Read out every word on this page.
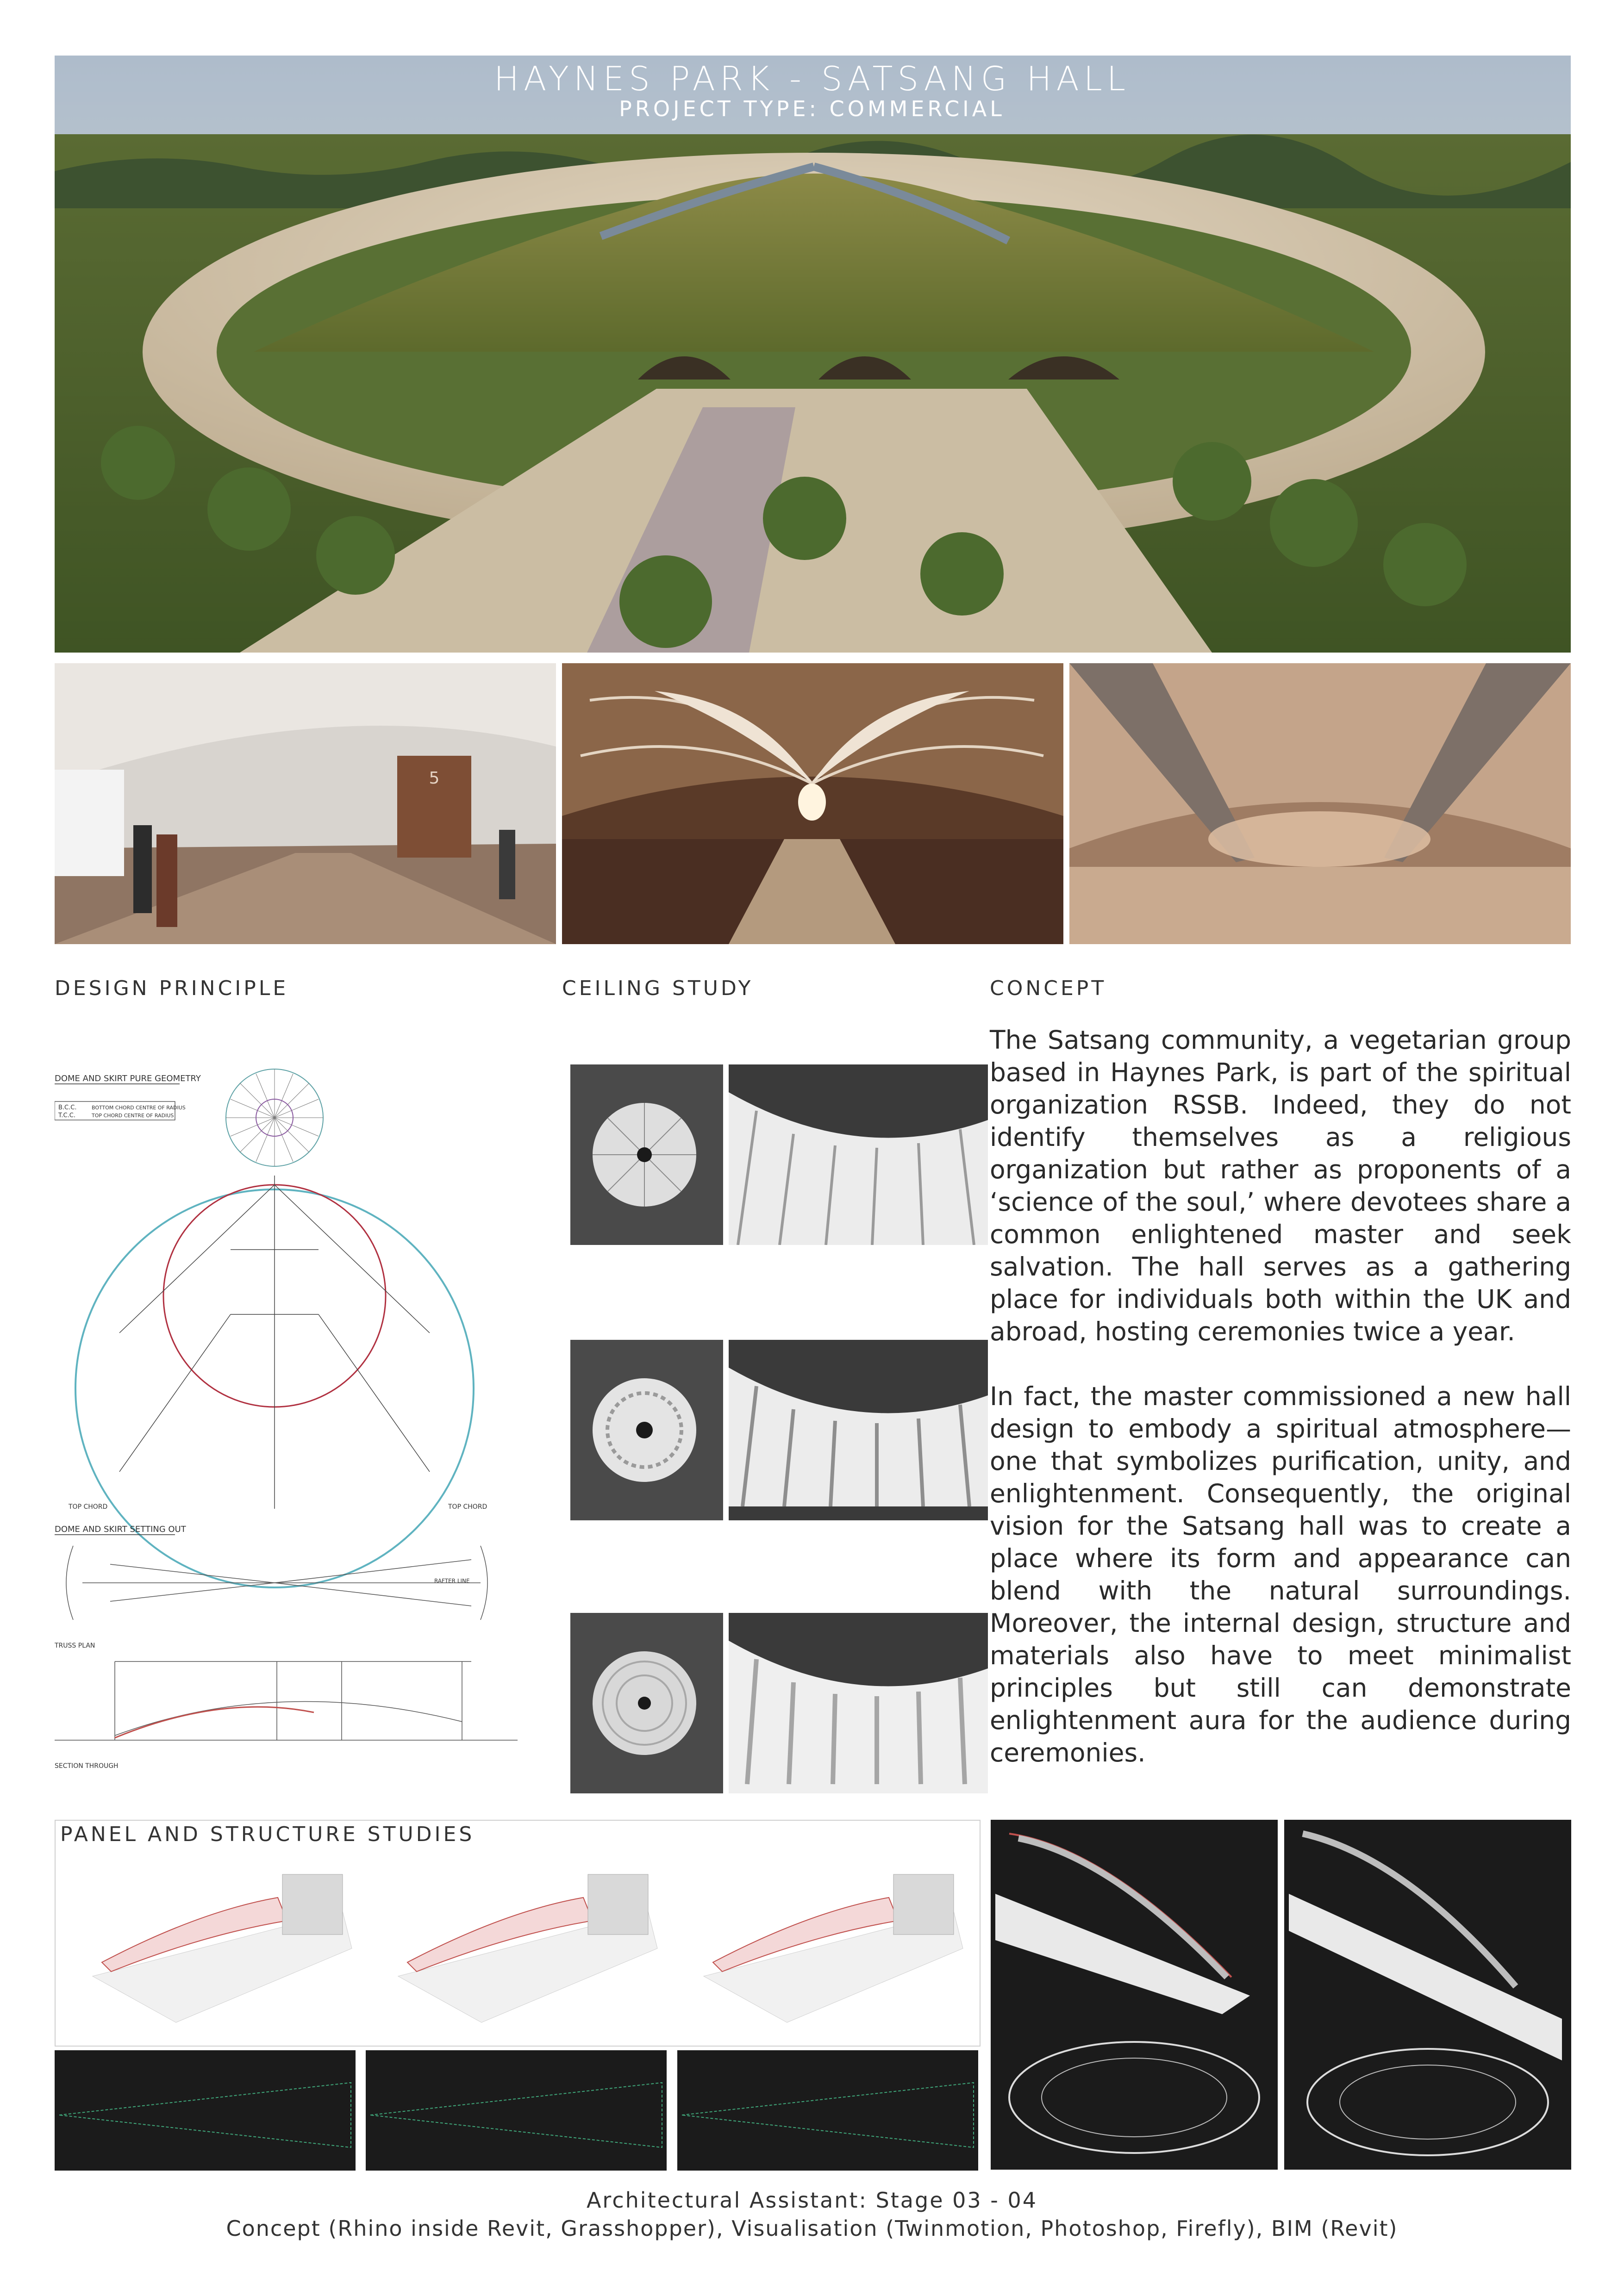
HAYNES PARK - SATSANG HALL
PROJECT TYPE: COMMERCIAL
5
DESIGN PRINCIPLE	CEILING STUDY	CONCEPT
DOME AND SKIRT PURE GEOMETRY
B.C.C.	BOTTOM CHORD CENTRE OF RADIUS
T.C.C.	TOP CHORD CENTRE OF RADIUS
TOP CHORD	TOP CHORD
DOME AND SKIRT SETTING OUT
TRUSS PLAN
RAFTER LINE
SECTION THROUGH

The Satsang community, a vegetarian group based in Haynes Park, is part of the spiritual organization RSSB. Indeed, they do not identify themselves as a religious organization but rather as proponents of a ‘science of the soul,’ where devotees share a common enlightened master and seek salvation. The hall serves as a gathering place for individuals both within the UK and abroad, hosting ceremonies twice a year.

In fact, the master commissioned a new hall design to embody a spiritual atmosphere—one that symbolizes purification, unity, and enlightenment. Consequently, the original vision for the Satsang hall was to create a place where its form and appearance can blend with the natural surroundings. Moreover, the internal design, structure and materials also have to meet minimalist principles but still can demonstrate enlightenment aura for the audience during ceremonies.

PANEL AND STRUCTURE STUDIES
Architectural Assistant: Stage 03 - 04
Concept (Rhino inside Revit, Grasshopper), Visualisation (Twinmotion, Photoshop, Firefly), BIM (Revit)
